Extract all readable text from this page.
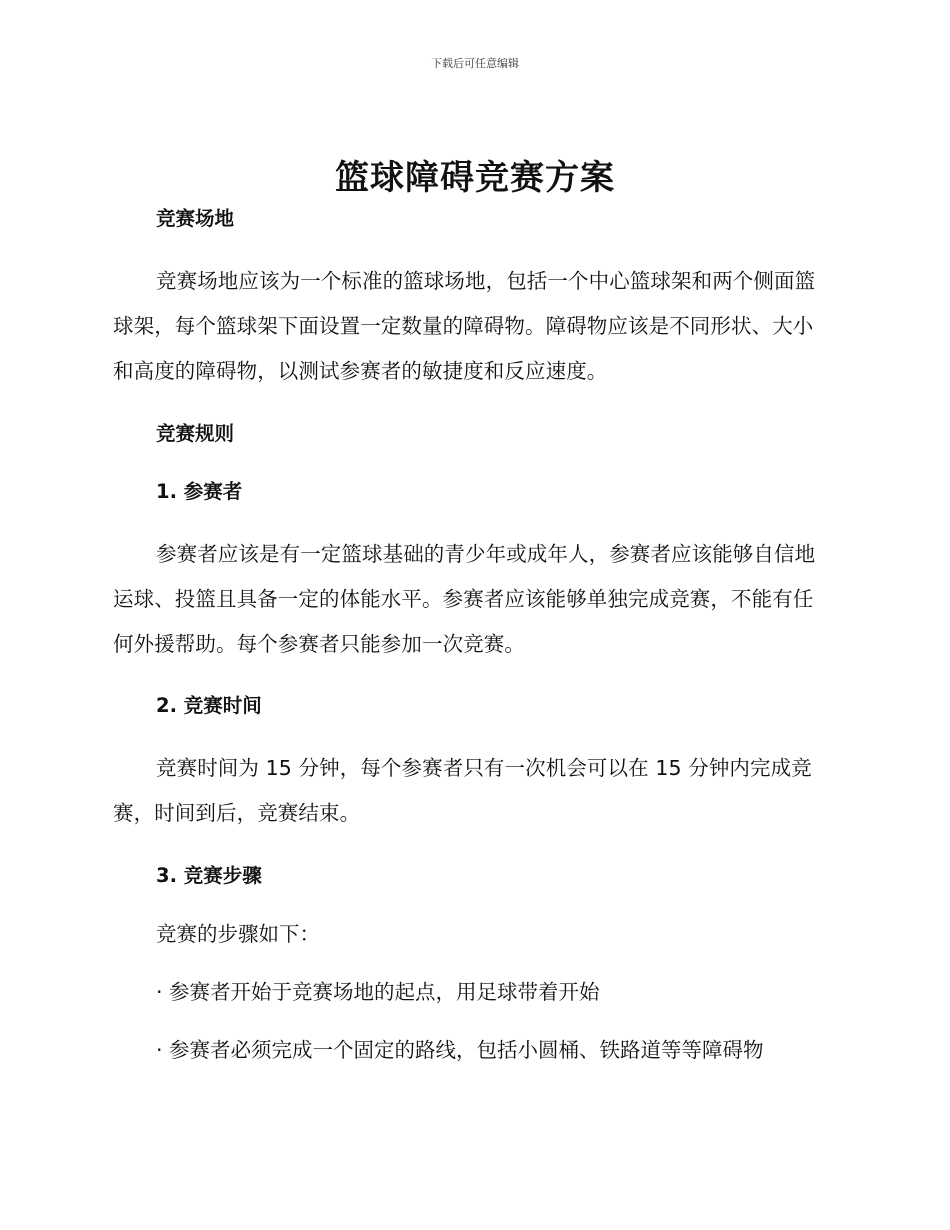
下载后可任意编辑
篮球障碍竞赛方案

竞赛场地

竞赛场地应该为一个标准的篮球场地，包括一个中心篮球架和两个侧面篮球架，每个篮球架下面设置一定数量的障碍物。障碍物应该是不同形状、大小和高度的障碍物，以测试参赛者的敏捷度和反应速度。

竞赛规则

1. 参赛者

参赛者应该是有一定篮球基础的青少年或成年人，参赛者应该能够自信地运球、投篮且具备一定的体能水平。参赛者应该能够单独完成竞赛，不能有任何外援帮助。每个参赛者只能参加一次竞赛。

2. 竞赛时间

竞赛时间为 15 分钟，每个参赛者只有一次机会可以在 15 分钟内完成竞赛，时间到后，竞赛结束。

3. 竞赛步骤

竞赛的步骤如下：

· 参赛者开始于竞赛场地的起点，用足球带着开始

· 参赛者必须完成一个固定的路线，包括小圆桶、铁路道等等障碍物
